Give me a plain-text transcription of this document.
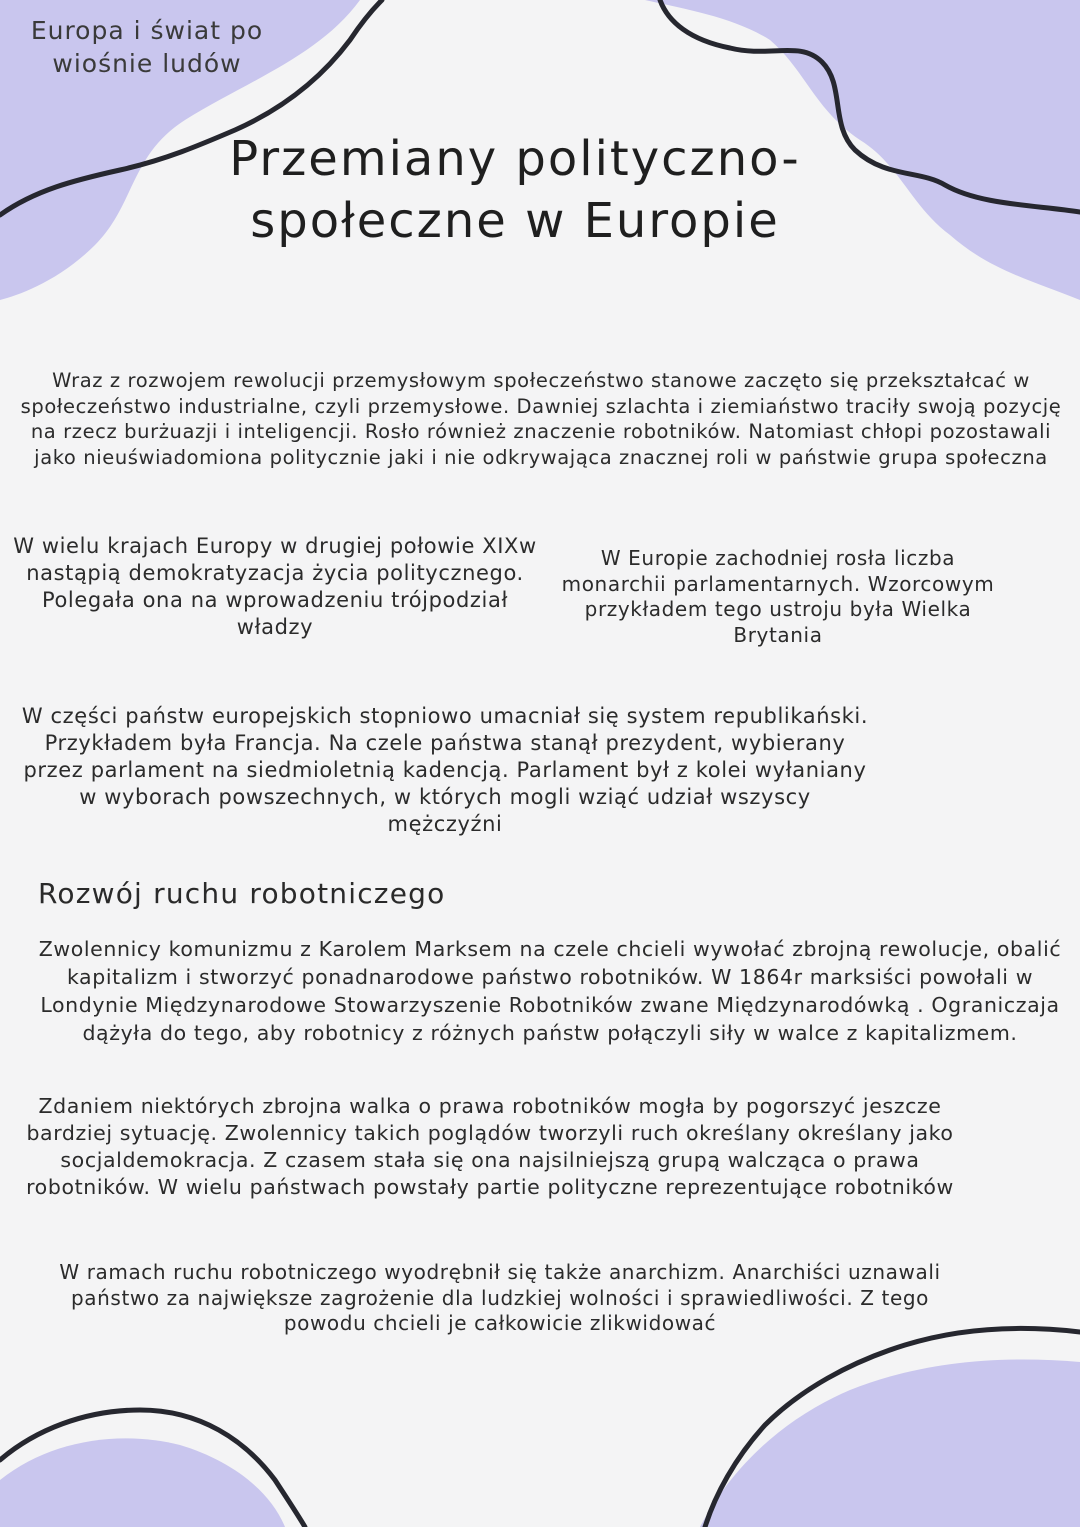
Europa i świat po wiośnie ludów
Przemiany polityczno-społeczne w Europie

Wraz z rozwojem rewolucji przemysłowym społeczeństwo stanowe zaczęto się przekształcać w społeczeństwo industrialne, czyli przemysłowe. Dawniej szlachta i ziemiaństwo traciły swoją pozycję na rzecz burżuazji i inteligencji. Rosło również znaczenie robotników. Natomiast chłopi pozostawali jako nieuświadomiona politycznie jaki i nie odkrywająca znacznej roli w państwie grupa społeczna

W wielu krajach Europy w drugiej połowie XIXw nastąpią demokratyzacja życia politycznego. Polegała ona na wprowadzeniu trójpodział władzy

W Europie zachodniej rosła liczba monarchii parlamentarnych. Wzorcowym przykładem tego ustroju była Wielka Brytania

W części państw europejskich stopniowo umacniał się system republikański. Przykładem była Francja. Na czele państwa stanął prezydent, wybierany przez parlament na siedmioletnią kadencją. Parlament był z kolei wyłaniany w wyborach powszechnych, w których mogli wziąć udział wszyscy mężczyźni

Rozwój ruchu robotniczego

Zwolennicy komunizmu z Karolem Marksem na czele chcieli wywołać zbrojną rewolucje, obalić kapitalizm i stworzyć ponadnarodowe państwo robotników. W 1864r marksiści powołali w Londynie Międzynarodowe Stowarzyszenie Robotników zwane Międzynarodówką . Ograniczaja dążyła do tego, aby robotnicy z różnych państw połączyli siły w walce z kapitalizmem.

Zdaniem niektórych zbrojna walka o prawa robotników mogła by pogorszyć jeszcze bardziej sytuację. Zwolennicy takich poglądów tworzyli ruch określany określany jako socjaldemokracja. Z czasem stała się ona najsilniejszą grupą walcząca o prawa robotników. W wielu państwach powstały partie polityczne reprezentujące robotników

W ramach ruchu robotniczego wyodrębnił się także anarchizm. Anarchiści uznawali państwo za największe zagrożenie dla ludzkiej wolności i sprawiedliwości. Z tego powodu chcieli je całkowicie zlikwidować
